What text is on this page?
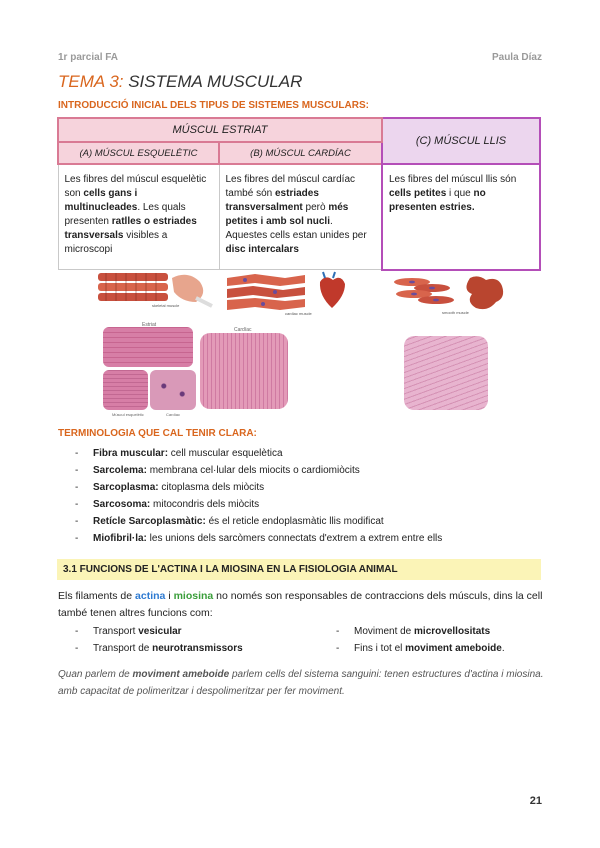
1r parcial FA	Paula Díaz
TEMA 3: SISTEMA MUSCULAR
INTRODUCCIÓ INICIAL DELS TIPUS DE SISTEMES MUSCULARS:
MÚSCUL ESTRIAT		(C) MÚSCUL LLIS
(A) MÚSCUL ESQUELÈTIC	(B) MÚSCUL CARDÍAC	
Les fibres del múscul esquelètic son cells gans i multinucleades. Les quals presenten ratlles o estriades transversals visibles a microscopi	Les fibres del múscul cardíac també són estriades transversalment però més petites i amb sol nucli. Aquestes cells estan unides per disc intercalars	Les fibres del múscul llis són cells petites i que no presenten estries.
skeletal muscle
cardiac muscle	smooth muscle
Estriat
Cardíac
Múscul esquelètic	Cardíac
TERMINOLOGIA QUE CAL TENIR CLARA:
- Fibra muscular: cell muscular esquelètica
- Sarcolema: membrana cel·lular dels miocits o cardiomiòcits
- Sarcoplasma: citoplasma dels miòcits
- Sarcosoma: mitocondris dels miòcits
- Retícle Sarcoplasmàtic: és el reticle endoplasmàtic llis modificat
- Miofibril·la: les unions dels sarcòmers connectats d'extrem a extrem entre ells
3.1 FUNCIONS DE L'ACTINA I LA MIOSINA EN LA FISIOLOGIA ANIMAL
Els filaments de actina i miosina no només son responsables de contraccions dels músculs, dins la cell també tenen altres funcions com:
- Transport vesicular
- Transport de neurotransmissors
- Moviment de microvellositats
- Fins i tot el moviment ameboide.
Quan parlem de moviment ameboide parlem cells del sistema sanguini: tenen estructures d'actina i miosina. amb capacitat de polimeritzar i despolimeritzar per fer moviment.
21
